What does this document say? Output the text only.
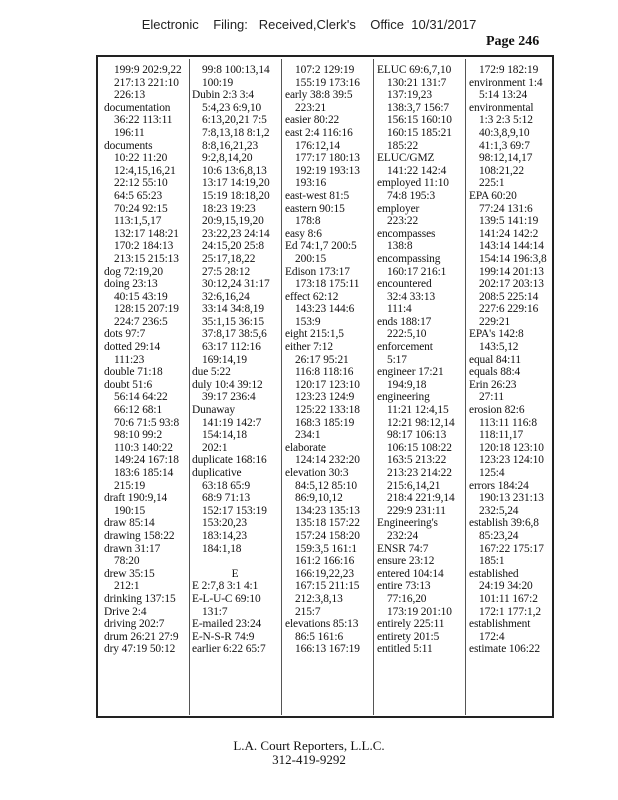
Electronic    Filing:   Received,Clerk's    Office  10/31/2017
Page 246
199:9 202:9,22
217:13 221:10
226:13
documentation
36:22 113:11
196:11
documents
10:22 11:20
12:4,15,16,21
22:12 55:10
64:5 65:23
70:24 92:15
113:1,5,17
132:17 148:21
170:2 184:13
213:15 215:13
dog 72:19,20
doing 23:13
40:15 43:19
128:15 207:19
224:7 236:5
dots 97:7
dotted 29:14
111:23
double 71:18
doubt 51:6
56:14 64:22
66:12 68:1
70:6 71:5 93:8
98:10 99:2
110:3 140:22
149:24 167:18
183:6 185:14
215:19
draft 190:9,14
190:15
draw 85:14
drawing 158:22
drawn 31:17
78:20
drew 35:15
212:1
drinking 137:15
Drive 2:4
driving 202:7
drum 26:21 27:9
dry 47:19 50:12
99:8 100:13,14
100:19
Dubin 2:3 3:4
5:4,23 6:9,10
6:13,20,21 7:5
7:8,13,18 8:1,2
8:8,16,21,23
9:2,8,14,20
10:6 13:6,8,13
13:17 14:19,20
15:19 18:18,20
18:23 19:23
20:9,15,19,20
23:22,23 24:14
24:15,20 25:8
25:17,18,22
27:5 28:12
30:12,24 31:17
32:6,16,24
33:14 34:8,19
35:1,15 36:15
37:8,17 38:5,6
63:17 112:16
169:14,19
due 5:22
duly 10:4 39:12
39:17 236:4
Dunaway
141:19 142:7
154:14,18
202:1
duplicate 168:16
duplicative
63:18 65:9
68:9 71:13
152:17 153:19
153:20,23
183:14,23
184:1,18
E
E 2:7,8 3:1 4:1
E-L-U-C 69:10
131:7
E-mailed 23:24
E-N-S-R 74:9
earlier 6:22 65:7
107:2 129:19
155:19 173:16
early 38:8 39:5
223:21
easier 80:22
east 2:4 116:16
176:12,14
177:17 180:13
192:19 193:13
193:16
east-west 81:5
eastern 90:15
178:8
easy 8:6
Ed 74:1,7 200:5
200:15
Edison 173:17
173:18 175:11
effect 62:12
143:23 144:6
153:9
eight 215:1,5
either 7:12
26:17 95:21
116:8 118:16
120:17 123:10
123:23 124:9
125:22 133:18
168:3 185:19
234:1
elaborate
124:14 232:20
elevation 30:3
84:5,12 85:10
86:9,10,12
134:23 135:13
135:18 157:22
157:24 158:20
159:3,5 161:1
161:2 166:16
166:19,22,23
167:15 211:15
212:3,8,13
215:7
elevations 85:13
86:5 161:6
166:13 167:19
ELUC 69:6,7,10
130:21 131:7
137:19,23
138:3,7 156:7
156:15 160:10
160:15 185:21
185:22
ELUC/GMZ
141:22 142:4
employed 11:10
74:8 195:3
employer
223:22
encompasses
138:8
encompassing
160:17 216:1
encountered
32:4 33:13
111:4
ends 188:17
222:5,10
enforcement
5:17
engineer 17:21
194:9,18
engineering
11:21 12:4,15
12:21 98:12,14
98:17 106:13
106:15 108:22
163:5 213:22
213:23 214:22
215:6,14,21
218:4 221:9,14
229:9 231:11
Engineering's
232:24
ENSR 74:7
ensure 23:12
entered 104:14
entire 73:13
77:16,20
173:19 201:10
entirely 225:11
entirety 201:5
entitled 5:11
172:9 182:19
environment 1:4
5:14 13:24
environmental
1:3 2:3 5:12
40:3,8,9,10
41:1,3 69:7
98:12,14,17
108:21,22
225:1
EPA 60:20
77:24 131:6
139:5 141:19
141:24 142:2
143:14 144:14
154:14 196:3,8
199:14 201:13
202:17 203:13
208:5 225:14
227:6 229:16
229:21
EPA's 142:8
143:5,12
equal 84:11
equals 88:4
Erin 26:23
27:11
erosion 82:6
113:11 116:8
118:11,17
120:18 123:10
123:23 124:10
125:4
errors 184:24
190:13 231:13
232:5,24
establish 39:6,8
85:23,24
167:22 175:17
185:1
established
24:19 34:20
101:11 167:2
172:1 177:1,2
establishment
172:4
estimate 106:22
L.A. Court Reporters, L.L.C.
312-419-9292
